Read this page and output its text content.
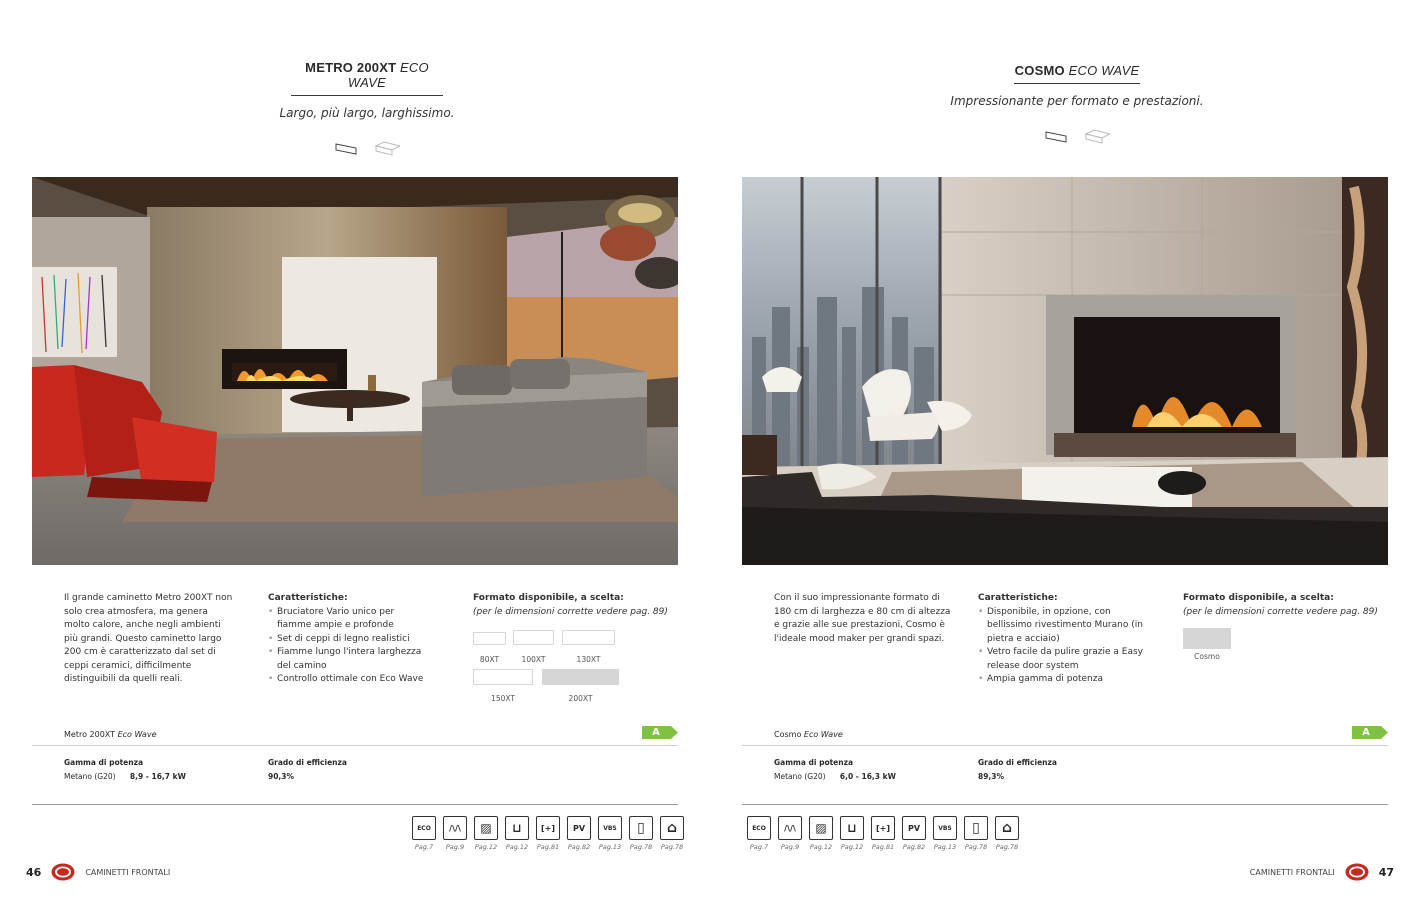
METRO 200XT ECO WAVE
Largo, più largo, larghissimo.
Il grande caminetto Metro 200XT non solo crea atmosfera, ma genera molto calore, anche negli ambienti più grandi. Questo caminetto largo 200 cm è caratterizzato dal set di ceppi ceramici, difficilmente distinguibili da quelli reali.
Caratteristiche:
• Bruciatore Vario unico per fiamme ampie e profonde
• Set di ceppi di legno realistici
• Fiamme lungo l'intera larghezza del camino
• Controllo ottimale con Eco Wave
Formato disponibile, a scelta:
(per le dimensioni corrette vedere pag. 89)
80XT	100XT	130XT
150XT	200XT
Metro 200XT Eco Wave	A
Gamma di potenza
Metano (G20) 8,9 - 16,7 kW
Grado di efficienza
90,3%
ECO
Pag.7
/\/\
Pag.9
▨
Pag.12
⊔
Pag.12
[+]
Pag.81
PV
Pag.82
VBS
Pag.13
▯
Pag.78
⌂
Pag.78
46	CAMINETTI FRONTALI
COSMO ECO WAVE
Impressionante per formato e prestazioni.
Con il suo impressionante formato di 180 cm di larghezza e 80 cm di altezza e grazie alle sue prestazioni, Cosmo è l'ideale mood maker per grandi spazi.
Caratteristiche:
• Disponibile, in opzione, con bellissimo rivestimento Murano (in pietra e acciaio)
• Vetro facile da pulire grazie a Easy release door system
• Ampia gamma di potenza
Formato disponibile, a scelta:
(per le dimensioni corrette vedere pag. 89)
Cosmo
Cosmo Eco Wave	A
Gamma di potenza
Metano (G20) 6,0 - 16,3 kW
Grado di efficienza
89,3%
ECO
Pag.7
/\/\
Pag.9
▨
Pag.12
⊔
Pag.12
[+]
Pag.81
PV
Pag.82
VBS
Pag.13
▯
Pag.78
⌂
Pag.78
CAMINETTI FRONTALI	47
